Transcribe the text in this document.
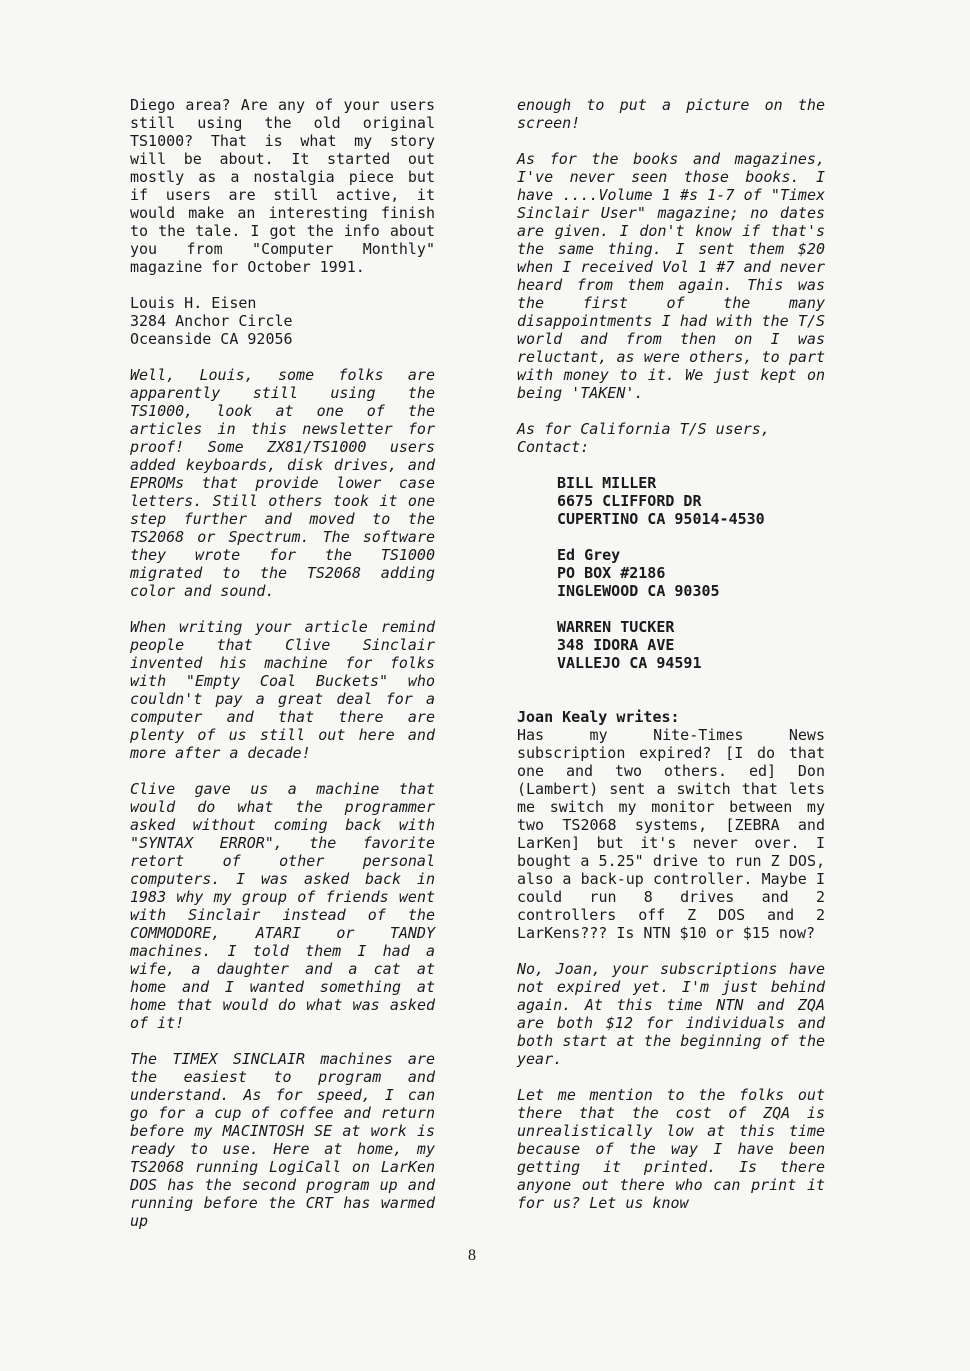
Diego area? Are any of your users still using the old original TS1000? That is what my story will be about. It started out mostly as a nostalgia piece but if users are still active, it would make an interesting finish to the tale. I got the info about you from "Computer Monthly" magazine for October 1991.

Louis H. Eisen
3284 Anchor Circle
Oceanside CA 92056

Well, Louis, some folks are apparently still using the TS1000, look at one of the articles in this newsletter for proof! Some ZX81/TS1000 users added keyboards, disk drives, and EPROMs that provide lower case letters. Still others took it one step further and moved to the TS2068 or Spectrum. The software they wrote for the TS1000 migrated to the TS2068 adding color and sound.

When writing your article remind people that Clive Sinclair invented his machine for folks with "Empty Coal Buckets" who couldn't pay a great deal for a computer and that there are plenty of us still out here and more after a decade!

Clive gave us a machine that would do what the programmer asked without coming back with "SYNTAX ERROR", the favorite retort of other personal computers. I was asked back in 1983 why my group of friends went with Sinclair instead of the COMMODORE, ATARI or TANDY machines. I told them I had a wife, a daughter and a cat at home and I wanted something at home that would do what was asked of it!

The TIMEX SINCLAIR machines are the easiest to program and understand. As for speed, I can go for a cup of coffee and return before my MACINTOSH SE at work is ready to use. Here at home, my TS2068 running LogiCall on LarKen DOS has the second program up and running before the CRT has warmed up

enough to put a picture on the screen!

As for the books and magazines, I've never seen those books. I have ....Volume 1 #s 1-7 of "Timex Sinclair User" magazine; no dates are given. I don't know if that's the same thing. I sent them $20 when I received Vol 1 #7 and never heard from them again. This was the first of the many disappointments I had with the T/S world and from then on I was reluctant, as were others, to part with money to it. We just kept on being 'TAKEN'.

As for California T/S users, Contact:

BILL MILLER
6675 CLIFFORD DR
CUPERTINO CA 95014-4530
Ed Grey
PO BOX #2186
INGLEWOOD CA 90305
WARREN TUCKER
348 IDORA AVE
VALLEJO CA 94591
Joan Kealy writes:

Has my Nite-Times News subscription expired? [I do that one and two others. ed] Don (Lambert) sent a switch that lets me switch my monitor between my two TS2068 systems, [ZEBRA and LarKen] but it's never over. I bought a 5.25" drive to run Z DOS, also a back-up controller. Maybe I could run 8 drives and 2 controllers off Z DOS and 2 LarKens??? Is NTN $10 or $15 now?

No, Joan, your subscriptions have not expired yet. I'm just behind again. At this time NTN and ZQA are both $12 for individuals and both start at the beginning of the year.

Let me mention to the folks out there that the cost of ZQA is unrealistically low at this time because of the way I have been getting it printed. Is there anyone out there who can print it for us? Let us know

8
